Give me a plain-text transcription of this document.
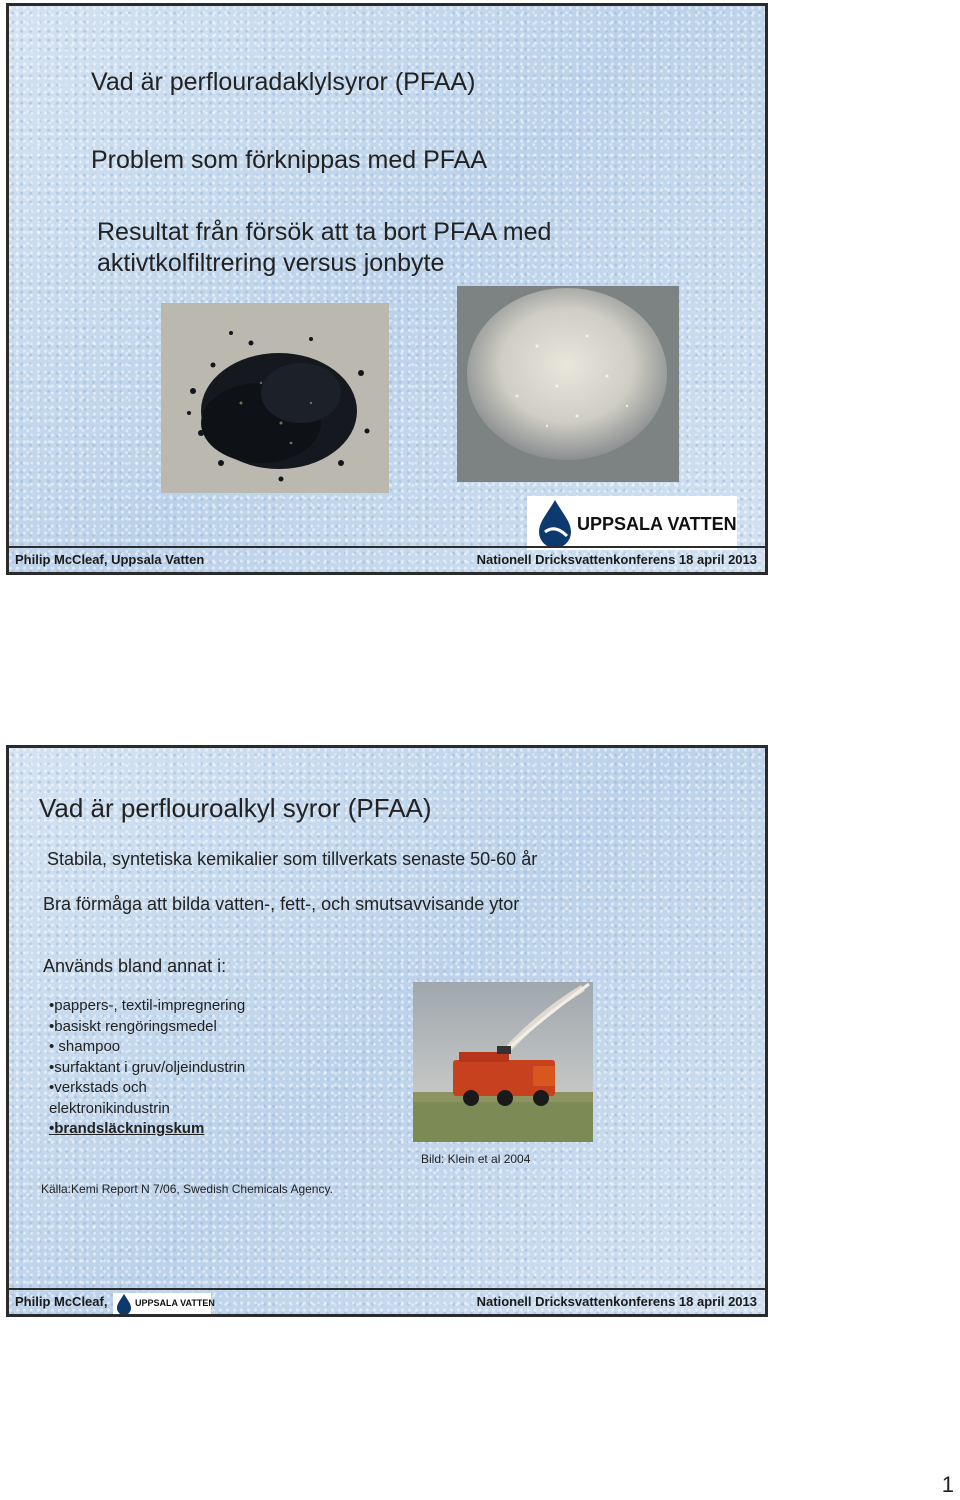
Vad är perflouradaklylsyror (PFAA)
Problem som förknippas med PFAA
Resultat från försök att ta bort PFAA med
aktivtkolfiltrering versus jonbyte
UPPSALA VATTEN
Philip McCleaf, Uppsala Vatten	Nationell Dricksvattenkonferens 18 april 2013
Vad är perflouroalkyl syror (PFAA)
Stabila, syntetiska kemikalier som tillverkats senaste 50-60 år
Bra förmåga att bilda vatten-, fett-, och smutsavvisande ytor
Används bland annat i:
•pappers-, textil-impregnering
•basiskt rengöringsmedel
• shampoo
•surfaktant i gruv/oljeindustrin
•verkstads och
elektronikindustrin
•brandsläckningskum
Bild: Klein et al 2004
Källa:Kemi Report N 7/06, Swedish Chemicals Agency.
Philip McCleaf,	Nationell Dricksvattenkonferens 18 april 2013
UPPSALA VATTEN
1
